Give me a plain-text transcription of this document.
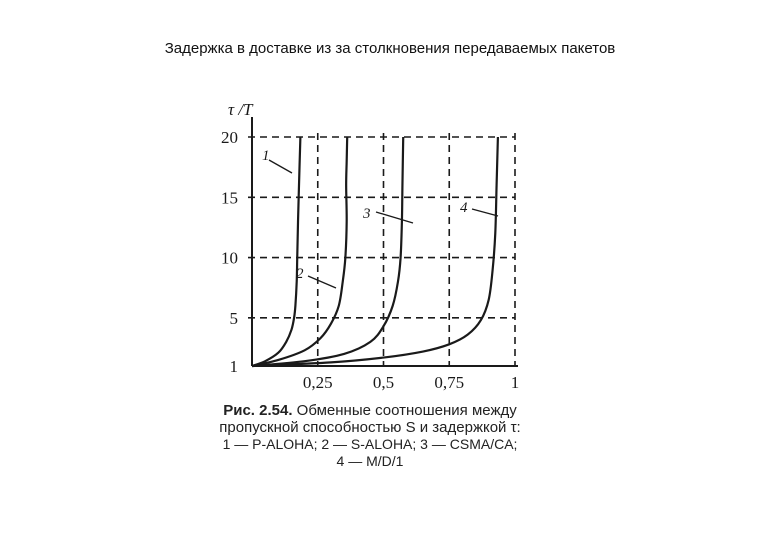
Задержка в доставке из за столкновения передаваемых пакетов
τ /T
1
5
10
15
20
0,25 0,5 0,75	1
1
2
3	4
Рис. 2.54. Обменные соотношения между
пропускной способностью S и задержкой τ:
1 — P-ALOHA; 2 — S-ALOHA; 3 — CSMA/CA;
4 — M/D/1
